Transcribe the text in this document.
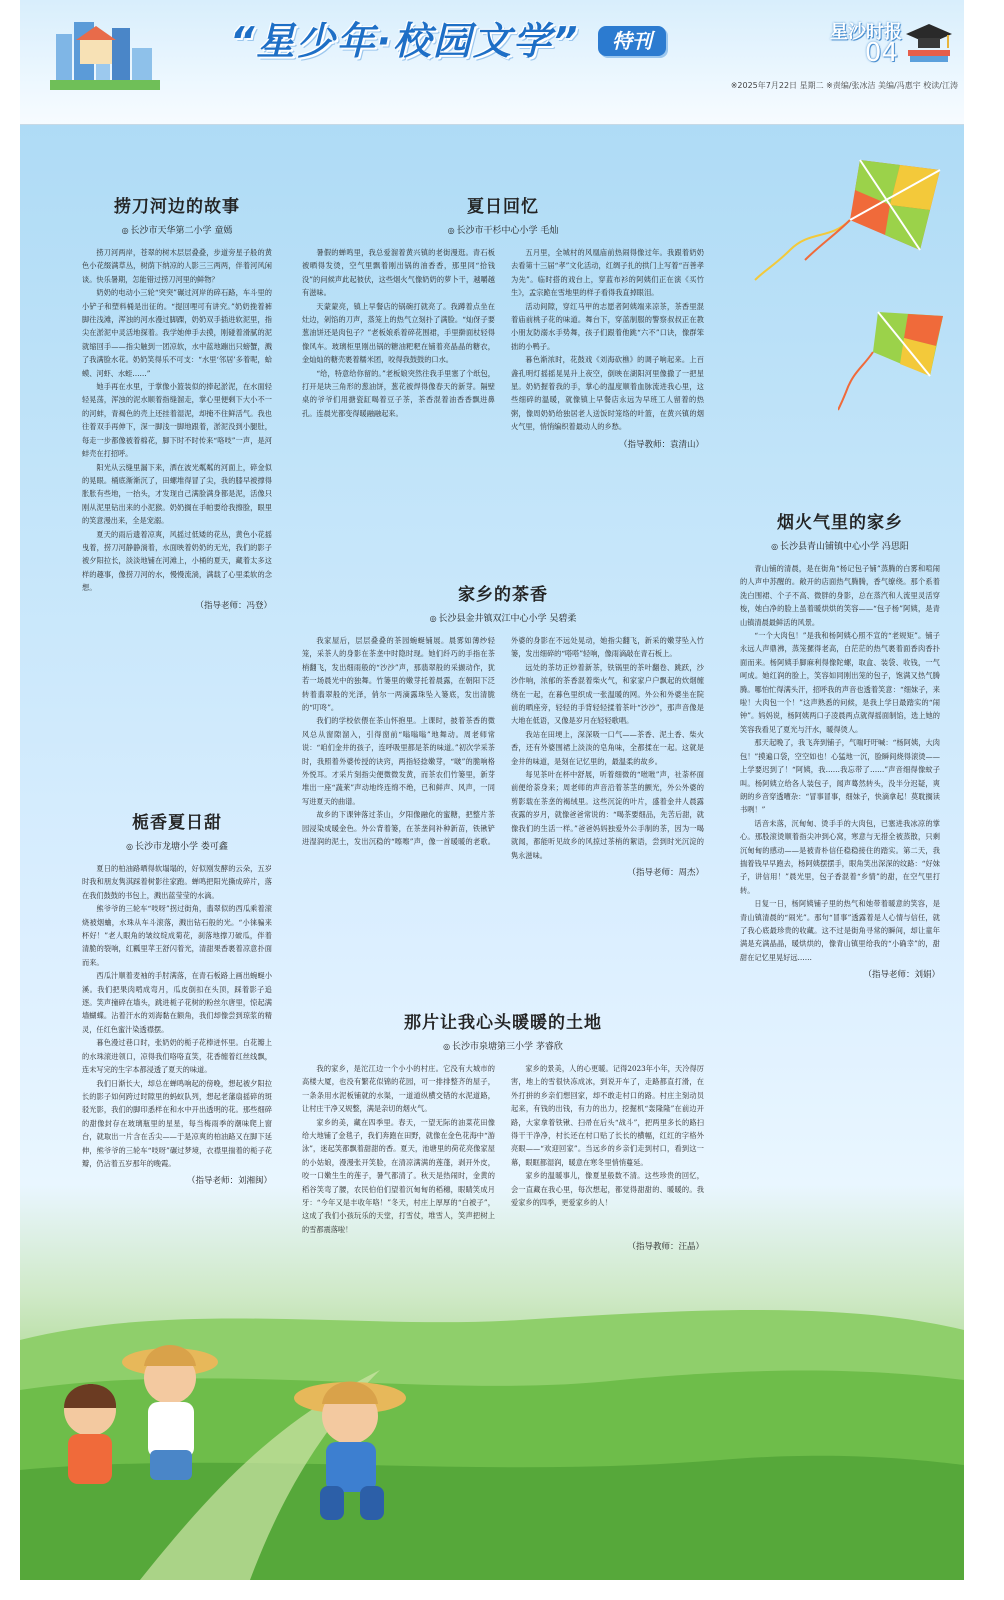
“星少年·校园文学”	特刊	星沙时报
04
※2025年7月22日 星期二 ※责编/张冰洁 美编/冯惠宇 校读/江涛
捞刀河边的故事
◎ 长沙市天华第二小学 童嫣

捞刀河两岸，苍翠的树木层层叠叠，步道旁星子般的黄色小花缀满草丛，树荫下纳凉的人影三三两两，伴着河风闲谈。快乐暑期，怎能错过捞刀河里的鲜物？

奶奶的电动小三轮“突突”碾过河岸的碎石路，车斗里的小铲子和塑料桶是出征的。“提回哩可有讲究。”奶奶挽着裤脚往浅滩，浑浊的河水漫过脚踝，奶奶双手插进软泥里，指尖在淤泥中灵活地探着。我学她伸手去摸，刚碰着滑腻的泥就缩回手——指尖触到一团凉软，水中蓝地蹦出只螃蟹，溅了我满脸水花。奶奶笑得乐不可支：“水里‘邻居’多着呢，蛤蟆、河虾、水蛭……”

她手再在水里，于掌像小篮装似的捧起淤泥，在水面轻轻晃荡，浑浊的泥水顺着指缝溜走，掌心里便剩下大小不一的河蚌，青褐色的壳上还挂着湿泥，却掩不住鲜活气。我也往着双手再伸下，深一脚浅一脚地跟着，淤泥没到小腿肚，每走一步都像被着棉花，脚下时不时传来“咯吱”一声，是河蚌壳在打招呼。

阳光从云缝里漏下来，洒在波光粼粼的河面上，碎金似的晃眼。桶底渐渐沉了，田螺堆得冒了尖，我的膝早被撑得胀胀有些地，一抬头，才发现自己满脸满身都是泥，活像只刚从泥里钻出来的小泥猴。奶奶搁在手帕要给我擦脸，眼里的笑意漫出来，全是宠溺。

夏天的雨后遗着凉爽，风摇过低矮的花丛，黄色小花摇曳着，捞刀河静静淌着，水面映着奶奶的无光，我们的影子被夕阳拉长，淡淡地铺在河滩上，小桶的夏天，藏着太多这样的趣事，像捞刀河的水，慢慢流淌，满载了心里柔软的念想。

（指导老师：冯登）
夏日回忆
◎ 长沙市干杉中心小学 毛灿

暑假的蝉鸣里，我总爱溜着黄兴镇的老街漫逛。青石板被晒得发烫，空气里飘着刚出锅的油香香，那里同“拾钱没”的问候声此起彼伏，这些烟火气像奶奶的萝卜干，越嚼越有滋味。

天蒙蒙亮，镇上早餐店的锅碗打就亮了。我蹲着点坐在灶边，剁馅的刀声，蒸笼上的热气立刻扑了满脸。“灿伢子要葱油饼还是肉包子？”老板娘系着碎花围裙，手里擀面杖轻得像风车。玻璃柜里刚出锅的糖油粑粑在铺着亮晶晶的糖衣，金灿灿的糖壳裹着糯米团，咬得我鼓鼓的口水。

“给，特意给你留的。”老板娘突然往我手里塞了个纸包，打开是块三角形的葱油饼，葱花被焊得像春天的新芽。隔壁桌的爷爷们用搪瓷缸喝着豆子茶，茶香混着油香香飘进鼻孔。连晨光都变得暖融融起来。

五月里，全城村的风凰庙前热闹得像过年。我跟着奶奶去看第十三届“孝”文化活动，红绸子扎的拱门上写着“百善孝为先”。临时搭的戏台上，穿蓝布衫的阿姨们正在演《买竹生》，孟宗跪在雪地里的样子看得我直掉眼泪。

活动间隙，穿红马甲的志愿者阿姨端来凉茶，茶香里混着庙前桃子花的味道。舞台下，穿蓝制服的警察叔叔正在教小朋友防溺水手势舞，孩子们跟着他跳“六不”口诀，像群笨拙的小鸭子。

暮色渐浓时，花鼓戏《刘海砍樵》的调子响起来。上百盏孔明灯摇摇晃晃升上夜空，倒映在湖阳河里像撒了一把星星。奶奶握着我的手，掌心的温度顺着血脉流进我心里，这些细碎的温暖，就像镇上早餐店永远为早班工人留着的热粥，像周奶奶给独居老人送饭时笼络的叶篮，在黄兴镇的烟火气里，悄悄编织着最动人的乡愁。

（指导教师：袁清山）
家乡的茶香
◎ 长沙县金井镇双江中心小学 吴碧柔

我家屋后，层层叠叠的茶园蜿蜒铺展。晨雾如薄纱轻笼，采茶人的身影在茶垄中时隐时现。她们纤巧的手指在茶梢翻飞，发出细雨般的“沙沙”声，那翡翠般的采撷动作，犹若一场晨光中的独舞。竹篓里的嫩芽托着晨露，在朝阳下泛转着翡翠般的光泽，俏尔一两滴露珠坠入篓底，发出清脆的“叮咚”。

我们的学校依偎在茶山怀抱里。上课时，披着茶香的微风总从窗隙溜入，引得窗前“嗡嗡嗡”地舞动。周老师常说：“咱们金井的孩子，连呼吸里都是茶的味道。”初次学采茶时，我照着外婆传授的诀窍，两指轻捻嫩芽，“啵”的脆响格外悦耳。才采片刻指尖便微微发黄，而茶农们竹篓里，新芽堆出一座“蔬莱”声动地终连绵不绝，已和鲜声、风声，一同写进夏天的曲谱。

故乡的下课钟落过茶山，夕阳像融化的蜜糖，把整片茶园浸染成暖金色。外公背着篓，在茶垄间补种新苗，铁锹铲进湿润的泥土，发出沉稳的“嚓嚓”声，像一首暖暖的老歌。外婆的身影在不远处晃动，她指尖翻飞，新采的嫩芽坠入竹篓，发出细碎的“嗒嗒”轻响，像雨滴敲在青石板上。

远处的茶坊正炒着新茶，铁锅里的茶叶翻卷、跳跃，沙沙作响，浓郁的茶香混着柴火气，和家家户户飘起的炊烟缠绕在一起，在暮色里织成一张温暖的网。外公和外婆坐在院前的晒座旁，轻轻的手背轻轻揉着茶叶“沙沙”，那声音像是大地在低语，又像是岁月在轻轻歌唱。

我站在田埂上，深深吸一口气——茶香、泥土香、柴火香，还有外婆围裙上淡淡的皂角味，全都揉在一起。这就是金井的味道，是刻在记忆里的，最温柔的故乡。

每见茶叶在杯中舒展，听着细微的“咝咝”声，社荼杯面前便给荼身来；周老师的声音沿着茶茎的颤光，外公外婆的剪影载在茶垄的褐绒里。这些沉淀的叶片，盛着金井人晨露夜露的岁月，就像爸爸常说的：“喝茶要细品，先苦后甜，就像我们的生活一样。”爸爸妈妈独爱外公手制的茶，因为一喝就闻，都能听见故乡的风掠过茶梢的絮语，尝到时光沉淀的隽永滋味。

（指导老师：周杰）
栀香夏日甜
◎ 长沙市龙塘小学 娄可鑫

夏日的柏油路晒得软塌塌的，好似刚发酵的云朵，五岁时我和朋友隽淇踩着树影往家跑。蝉鸣把阳光撕成碎片，落在我们鼓鼓的书包上，溅出蓝莹莹的水滴。

熊爷爷的三轮车“吱呀”拐过街角，翡翠似的西瓜乘着滚烧被烟蛐，水珠从车斗滚落，溅出钻石般的光。“小徕骗来杯好！”老人眼角的皱纹绽成菊花，刹落地撑刀破瓜，伴着清脆的裂响，红瓤里苹王舒闪着光，清甜果香裹着凉意扑面而来。

西瓜汁顺着麦袖的手肘满落，在青石板路上画出蜿蜒小溪。我们把果肉啃成弯月，瓜皮倒扣在头顶，踩着影子追逐。笑声撞碎在墙头，跳进栀子花树的粉丝尔唐里，惊起满墙蝴蝶。沾着汗水的刘海黏在额角，我们却像尝到琼浆的精灵，任红色蜜汁染透襟摆。

暮色漫过巷口时，张奶奶的栀子花棒迸怀里。白花瓣上的水珠滚进领口，凉得我们咯咯直笑，花香缠着红丝线飘，连未写完的生字本都浸透了夏天的味道。

我们日渐长大，却总在蝉鸣响起的傍晚，想起被夕阳拉长的影子如何跨过时隙里的蚂蚁队列，想起老藩扇摇碎的斑驳光影，我们的脚印悉样在和水中开出透明的花。那些细碎的甜像封存在玻璃瓶里的星星，每当梅雨季的潮味爬上窗台，就取出一片含在舌尖——于是凉爽的柏油路又在脚下延伸，熊爷爷的三轮车“吱呀”碾过梦境，衣襟里揣着的栀子花瓣，仍沾着五岁那年的晚霞。

（指导老师：刘湘闽）
烟火气里的家乡
◎ 长沙县青山铺镇中心小学 冯思阳

青山铺的清晨，是在街角“杨记包子铺”蒸腾的白雾和喧闹的人声中苏醒的。敞开的店面热气腾腾，香气缭绕。那个系着洗白围裙、个子不高、微胖的身影，总在蒸汽和人流里灵活穿梭，她白净的脸上虽着暖烘烘的笑容——“包子杨”阿姨，是青山镇清晨最鲜活的风景。

“一个大肉包！”是我和杨阿姨心照不宣的“老规矩”。铺子永远人声鼎沸，蒸笼摞得老高，白茫茫的热气裹着面香肉香扑面而来。杨阿姨手脚麻利得像陀螺，取盒、装袋、收钱，一气呵成。她红润的脸上，笑容如同刚出笼的包子，饱满又热气腾腾。哪怕忙得满头汗，招呼我的声音也透着笑意：“细妹子，来啦！大肉包一个！”这声熟悉的问候，是我上学日最踏实的“闹钟”。妈妈说，杨阿姨两口子凌晨两点就得摇面制馅，选上她的笑容我看见了夏光与汗水，暖得烫人。

那天起晚了，我飞奔到铺子，气喘吁吁喊：“杨阿姨，大肉包！”摸遍口袋，空空如也！心猛地一沉，脸瞬间烧得滚烫——上学要迟到了！“阿姨，我……我忘带了……”声音细得像蚊子叫。杨阿姨立给各人装包子，闻声蓦然转头，没半分迟疑，爽朗的乡音穿透嘈杂：“冒事冒事，细妹子，快滴拿起！莫耽搁读书咧！”

话音未落，沉甸甸、烫手手的大肉包，已塞进我冰凉的掌心。那股滚烫顺着指尖冲到心窝，寒意与无措全被蒸散，只剩沉甸甸的感动——是被青朴信任稳稳接住的踏实。第二天，我揣着钱早早跑去，杨阿姨摆摆手，眼角笑出深深的纹路：“好妹子，讲信用！”晨光里，包子香混着“乡情”的甜，在空气里打转。

日复一日，杨阿姨铺子里的热气和她带着暖意的笑容，是青山镇清晨的“闹光”。那句“冒事”透露着是人心情与信任，就了我心底最珍贵的收藏。这不过是街角寻常的瞬间，却让童年满是充满晶晶，暖烘烘的，像青山镇里给我的“小确幸”的，甜甜在记忆里晃好远……

（指导老师：刘娟）
那片让我心头暖暖的土地
◎ 长沙市泉塘第三小学 茅睿欣

我的家乡，是沱江边一个小小的村庄。它没有大城市的高楼大厦，也没有繁花似锦的花园，可一排排整齐的屋子，一条条用水泥板铺就的水渠，一道道纵横交错的水泥道路，让村庄干净又规整，满是亲切的烟火气。

家乡的美，藏在四季里。春天，一望无际的油菜花田像给大地铺了金毯子，我们奔跑在田野，就像在金色花海中“游泳”，迷起笑都飘着甜甜的香。夏天，池塘里的荷花亮像家屋的小姑娘，漫漫张开笑脸，在清凉满满的莲蓬，剥开外皮，咬一口嫩生生的莲子，暑气都清了。秋天是热闹时，金黄的稻谷笑弯了腰，农民伯伯们望着沉甸甸的稻穗，眼睛笑成月牙：“今年又是丰收年咯！”冬天，村庄上厚厚的“白被子”，这成了我们小孩玩乐的天堂，打雪仗，堆雪人，笑声把树上的雪都震落啦！

家乡的景美，人的心更暖。记得2023年小年，天冷得厉害，地上的雪很快冻成冰，到说开车了，走路都直打滑，在外打拼的乡亲们想回家，却不敢走村口的路。村庄主刻动员起来，有钱的出钱，有力的出力，挖掘机“轰隆隆”在前边开路，大家拿着铁锹、扫帚在后头“战斗”，把两里多长的路扫得干干净净，村长还在村口贴了长长的横幅，红红的字格外亮眼——“欢迎回家”。当远乡的乡亲们走到村口，看到这一幕，眼眶都湿润，暖意在寒冬里悄悄蔓延。

家乡的温暖事儿，像夏星般数不清。这些珍贵的回忆，会一直藏在我心里，每次想起，都觉得甜甜的、暖暖的。我爱家乡的四季，更爱家乡的人！

（指导教师：汪晶）
